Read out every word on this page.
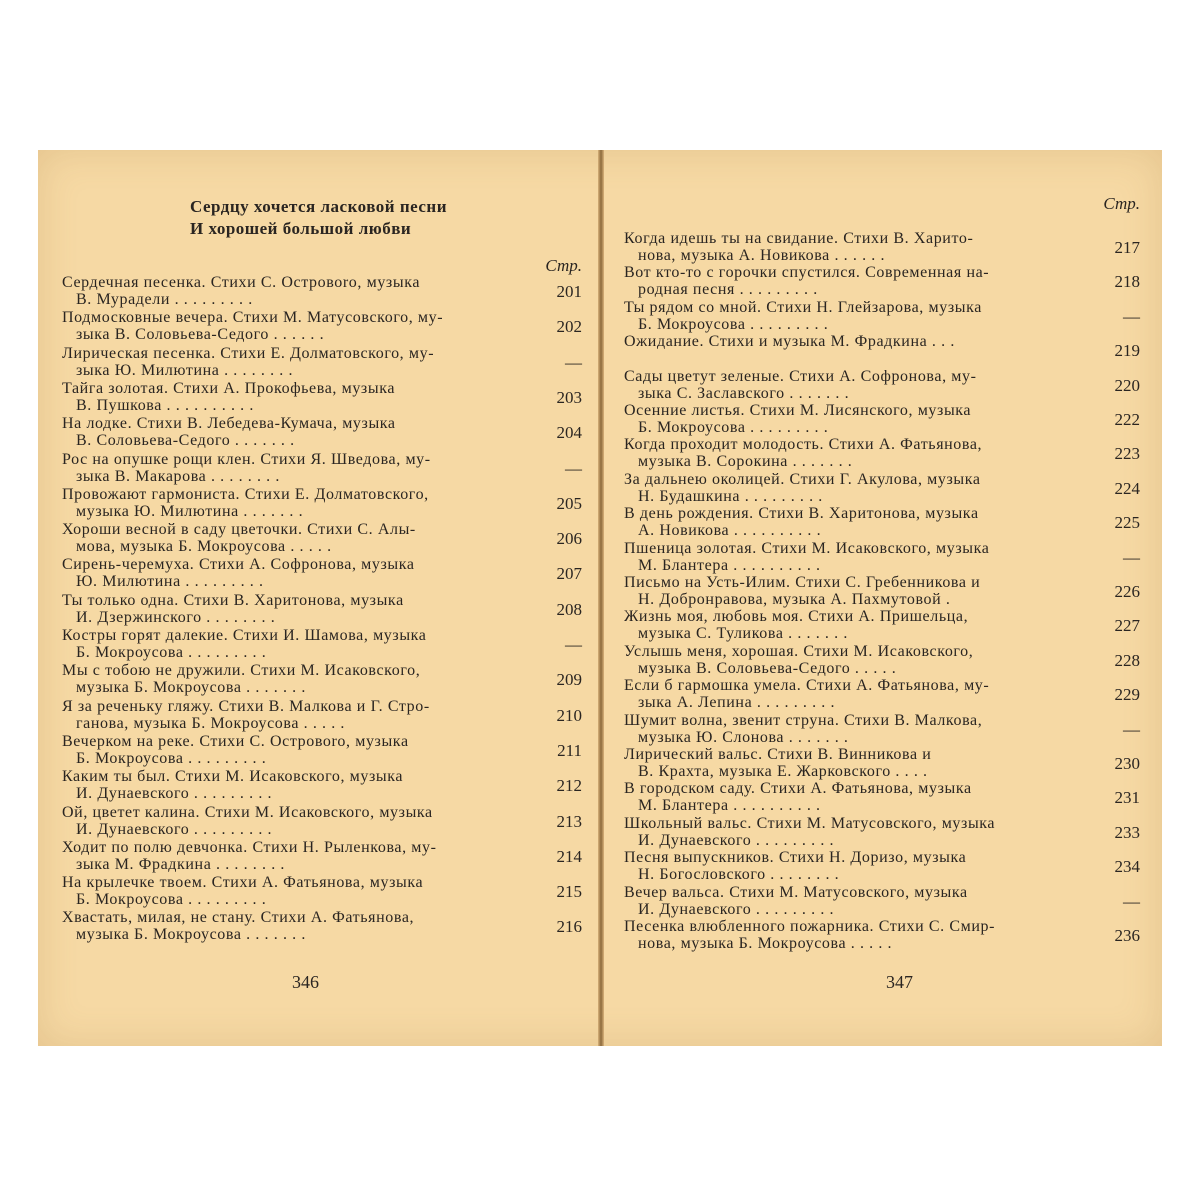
Сердцу хочется ласковой песни
И хорошей большой любви
Стр.
Сердечная песенка. Стихи С. Островоrо, музыка
В. Мурадели . . . . . . . . .	201
Подмосковные вечера. Стихи М. Матусовского, му-
зыка В. Соловьева-Седого . . . . . .	202
Лирическая песенка. Стихи Е. Долматовского, му-
зыка Ю. Милютина . . . . . . . .	—
Тайга золотая. Стихи А. Прокофьева, музыка
В. Пушкова . . . . . . . . . .	203
На лодке. Стихи В. Лебедева-Кумача, музыка
В. Соловьева-Седого . . . . . . .	204
Рос на опушке рощи клен. Стихи Я. Шведова, му-
зыка В. Макарова . . . . . . . .	—
Провожают гармониста. Стихи Е. Долматовского,
музыка Ю. Милютина . . . . . . .	205
Хороши весной в саду цветочки. Стихи С. Алы-
мова, музыка Б. Мокроусова . . . . .	206
Сирень-черемуха. Стихи А. Софронова, музыка
Ю. Милютина . . . . . . . . .	207
Ты только одна. Стихи В. Харитонова, музыка
И. Дзержинского . . . . . . . .	208
Костры горят далекие. Стихи И. Шамова, музыка
Б. Мокроусова . . . . . . . . .	—
Мы с тобою не дружили. Стихи М. Исаковского,
музыка Б. Мокроусова . . . . . . .	209
Я за реченьку гляжу. Стихи В. Малкова и Г. Стро-
ганова, музыка Б. Мокроусова . . . . .	210
Вечерком на реке. Стихи С. Островоrо, музыка
Б. Мокроусова . . . . . . . . .	211
Каким ты был. Стихи М. Исаковского, музыка
И. Дунаевского . . . . . . . . .	212
Ой, цветет калина. Стихи М. Исаковского, музыка
И. Дунаевского . . . . . . . . .	213
Ходит по полю девчонка. Стихи Н. Рыленкова, му-
зыка М. Фрадкина . . . . . . . .	214
На крылечке твоем. Стихи А. Фатьянова, музыка
Б. Мокроусова . . . . . . . . .	215
Хвастать, милая, не стану. Стихи А. Фатьянова,
музыка Б. Мокроусова . . . . . . .	216
346
Стр.
Когда идешь ты на свидание. Стихи В. Харито-
нова, музыка А. Новикова . . . . . .	217
Вот кто-то с горочки спустился. Современная на-
родная песня . . . . . . . . .	218
Ты рядом со мной. Стихи Н. Глейзарова, музыка
Б. Мокроусова . . . . . . . . .	—
Ожидание. Стихи и музыка М. Фрадкина . . .	219
Сады цветут зеленые. Стихи А. Софронова, му-
зыка С. Заславского . . . . . . .	220
Осенние листья. Стихи М. Лисянского, музыка
Б. Мокроусова . . . . . . . . .	222
Когда проходит молодость. Стихи А. Фатьянова,
музыка В. Сорокина . . . . . . .	223
За дальнею околицей. Стихи Г. Акулова, музыка
Н. Будашкина . . . . . . . . .	224
В день рождения. Стихи В. Харитонова, музыка
А. Новикова . . . . . . . . . .	225
Пшеница золотая. Стихи М. Исаковского, музыка
М. Блантера . . . . . . . . . .	—
Письмо на Усть-Илим. Стихи С. Гребенникова и
Н. Добронравова, музыка А. Пахмутовой .	226
Жизнь моя, любовь моя. Стихи А. Пришельца,
музыка С. Туликова . . . . . . .	227
Услышь меня, хорошая. Стихи М. Исаковского,
музыка В. Соловьева-Седого . . . . .	228
Если б гармошка умела. Стихи А. Фатьянова, му-
зыка А. Лепина . . . . . . . . .	229
Шумит волна, звенит струна. Стихи В. Малкова,
музыка Ю. Слонова . . . . . . .	—
Лирический вальс. Стихи В. Винникова и
В. Крахта, музыка Е. Жарковского . . . .	230
В городском саду. Стихи А. Фатьянова, музыка
М. Блантера . . . . . . . . . .	231
Школьный вальс. Стихи М. Матусовского, музыка
И. Дунаевского . . . . . . . . .	233
Песня выпускников. Стихи Н. Доризо, музыка
Н. Богословского . . . . . . . .	234
Вечер вальса. Стихи М. Матусовского, музыка
И. Дунаевского . . . . . . . . .	—
Песенка влюбленного пожарника. Стихи С. Смир-
нова, музыка Б. Мокроусова . . . . .	236
347
